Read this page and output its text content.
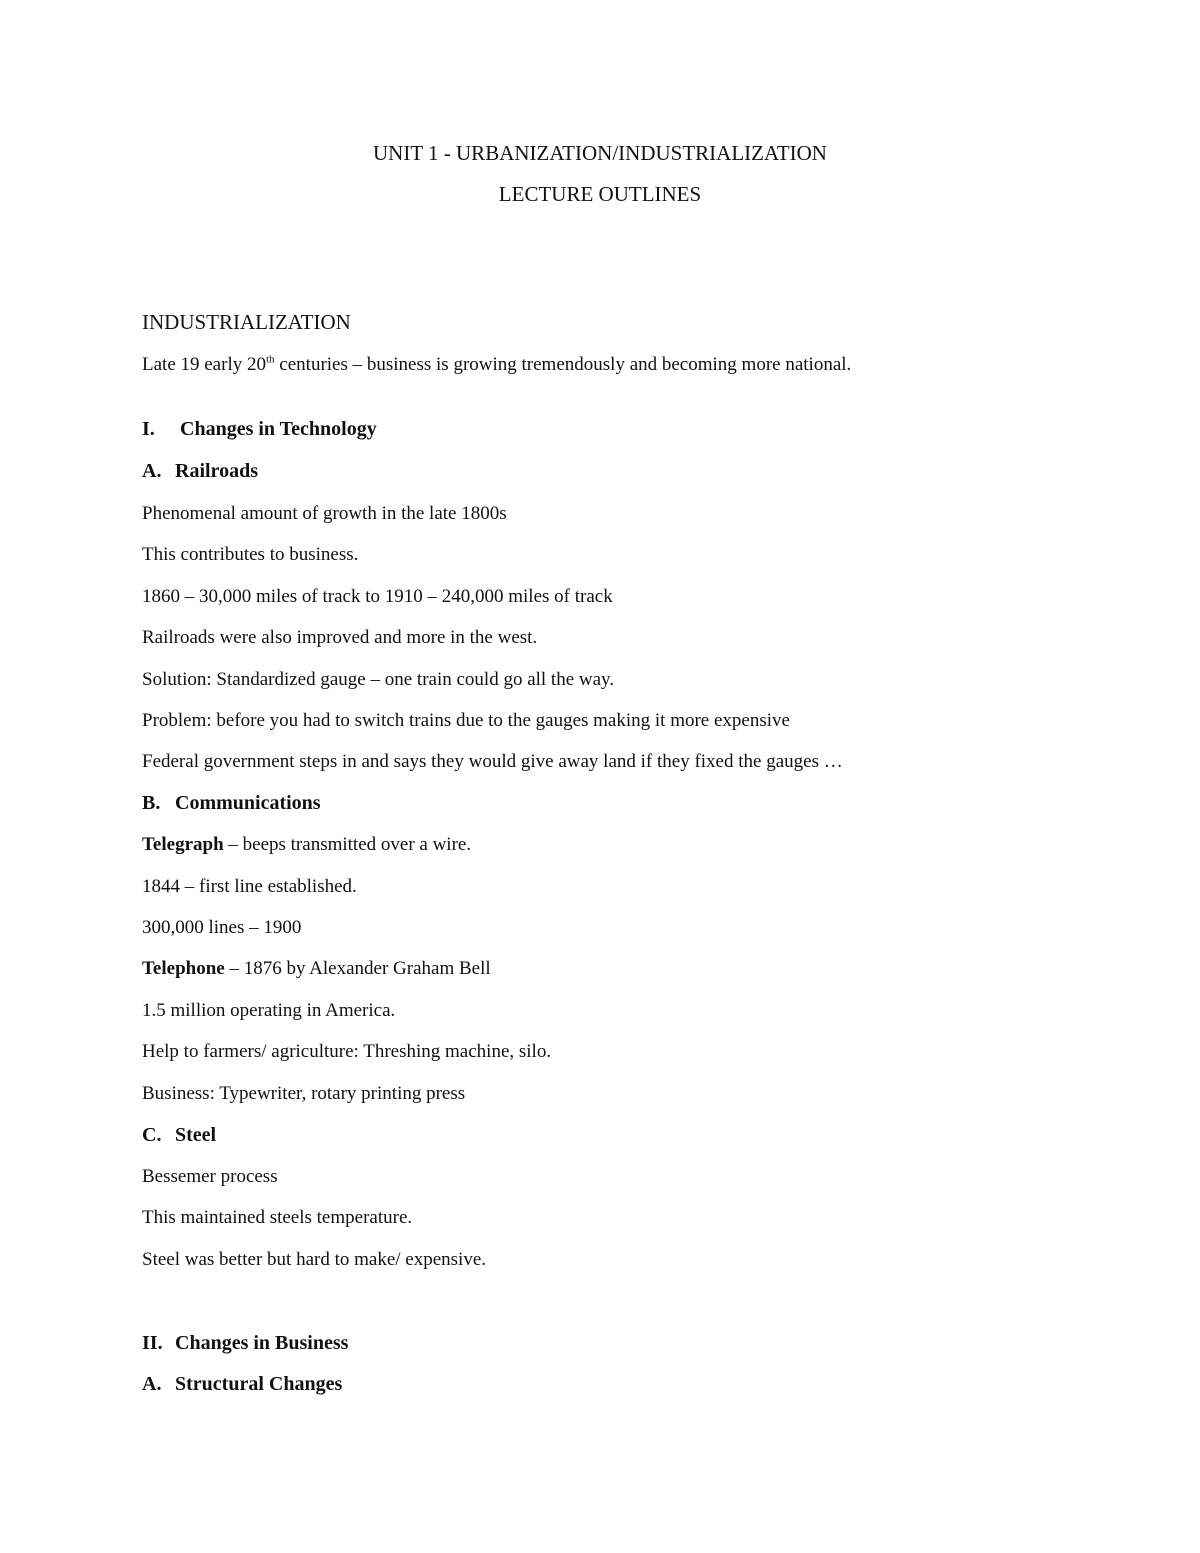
UNIT 1 - URBANIZATION/INDUSTRIALIZATION
LECTURE OUTLINES
INDUSTRIALIZATION
Late 19 early 20th centuries – business is growing tremendously and becoming more national.
I. Changes in Technology
A. Railroads
Phenomenal amount of growth in the late 1800s
This contributes to business.
1860 – 30,000 miles of track to 1910 – 240,000 miles of track
Railroads were also improved and more in the west.
Solution: Standardized gauge – one train could go all the way.
Problem: before you had to switch trains due to the gauges making it more expensive
Federal government steps in and says they would give away land if they fixed the gauges …
B. Communications
Telegraph – beeps transmitted over a wire.
1844 – first line established.
300,000 lines – 1900
Telephone – 1876 by Alexander Graham Bell
1.5 million operating in America.
Help to farmers/ agriculture: Threshing machine, silo.
Business: Typewriter, rotary printing press
C. Steel
Bessemer process
This maintained steels temperature.
Steel was better but hard to make/ expensive.
II. Changes in Business
A. Structural Changes
